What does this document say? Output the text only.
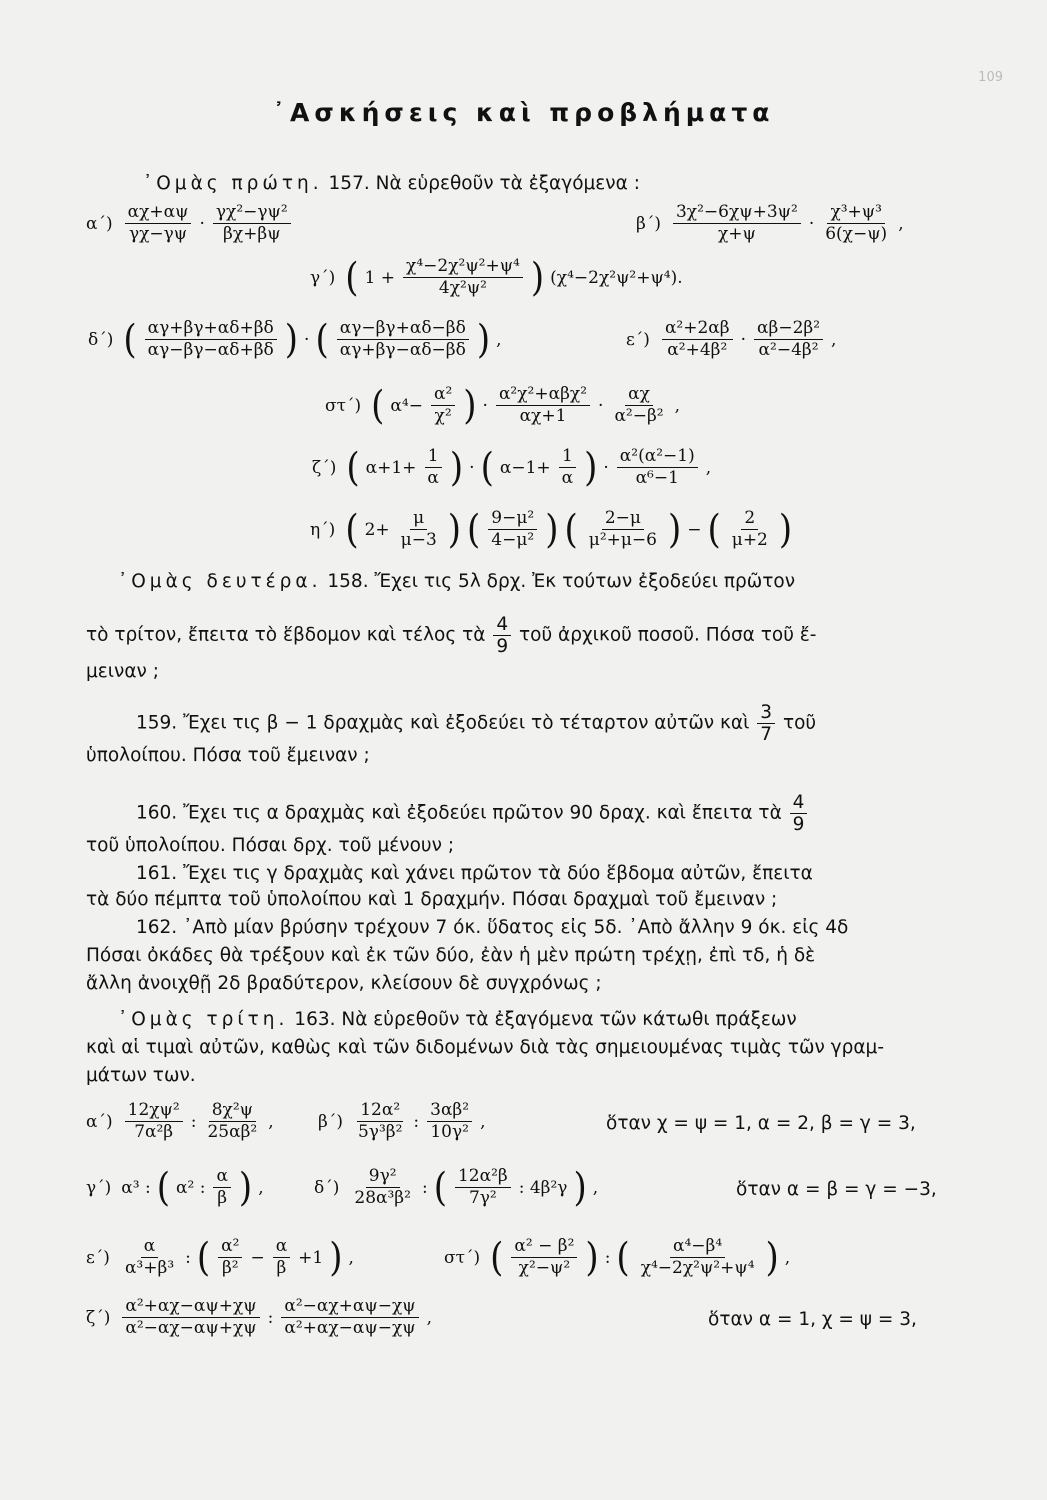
109
᾿Ασκήσεις καὶ προβλήματα
᾿Ομὰς πρώτη. 157. Νὰ εὑρεθοῦν τὰ ἐξαγόμενα :
$\alpha΄) \frac{\alpha\chi+\alpha\psi}{\gamma\chi-\gamma\psi} \cdot \frac{\text{γχ²−γψ²}}{\beta\chi+\beta\psi}$	$\beta΄) \frac{\text{3χ²−6χψ+3ψ²}}{\chi+\psi} \cdot \frac{\text{χ³+ψ³}}{6(\chi-\psi)}$ ,
γ΄) ( $1 + \frac{\text{χ⁴−2χ²ψ²+ψ⁴}}{\text{4χ²ψ²}}$ ) (χ⁴−2χ²ψ²+ψ⁴).
δ΄) ( $\frac{\alpha\gamma+\beta\gamma+\alpha\delta+\beta\delta}{\alpha\gamma-\beta\gamma-\alpha\delta+\beta\delta}$ ) · ( $\frac{\alpha\gamma-\beta\gamma+\alpha\delta-\beta\delta}{\alpha\gamma+\beta\gamma-\alpha\delta-\beta\delta}$ ) ,	$\varepsilon΄) \frac{\text{α²+2αβ}}{\text{α²+4β²}} \cdot \frac{\text{αβ−2β²}}{\text{α²−4β²}}$ ,
στ΄) ( $\alpha^4- \frac{\text{α²}}{\text{χ²}}$ ) · $\frac{\text{α²χ²+αβχ²}}{\alpha\chi+1} \cdot \frac{\alpha\chi}{\text{α²−β²}}$ ,
ζ΄) ( $\alpha+1+ \frac{1}{\alpha}$ ) · ( $\alpha-1+ \frac{1}{\alpha}$ ) · $\frac{\text{α²(α²−1)}}{\text{α⁶−1}}$ ,
η΄) ( $2+ \frac{\mu}{\mu-3}$ ) ( $\frac{\text{9−μ²}}{\text{4−μ²}}$ ) ( $\frac{2-\mu}{\text{μ²+μ−6}}$ ) − ( $\frac{2}{\mu+2}$ )
᾿Ομὰς δευτέρα. 158. Ἔχει τις 5λ δρχ. Ἐκ τούτων ἐξοδεύει πρῶτον
τὸ τρίτον, ἔπειτα τὸ ἕβδομον καὶ τέλος τὰ $\frac{4}{9}$ τοῦ ἀρχικοῦ ποσοῦ. Πόσα τοῦ ἔ-
μειναν ;
159. Ἔχει τις β − 1 δραχμὰς καὶ ἐξοδεύει τὸ τέταρτον αὐτῶν καὶ $\frac{3}{7}$ τοῦ
ὑπολοίπου. Πόσα τοῦ ἔμειναν ;
160. Ἔχει τις α δραχμὰς καὶ ἐξοδεύει πρῶτον 90 δραχ. καὶ ἔπειτα τὰ $\frac{4}{9}$
τοῦ ὑπολοίπου. Πόσαι δρχ. τοῦ μένουν ;
161. Ἔχει τις γ δραχμὰς καὶ χάνει πρῶτον τὰ δύο ἕβδομα αὐτῶν, ἔπειτα
τὰ δύο πέμπτα τοῦ ὑπολοίπου καὶ 1 δραχμήν. Πόσαι δραχμαὶ τοῦ ἔμειναν ;
162. ᾿Απὸ μίαν βρύσην τρέχουν 7 όκ. ὕδατος εἰς 5δ. ᾿Απὸ ἄλλην 9 όκ. εἰς 4δ
Πόσαι ὀκάδες θὰ τρέξουν καὶ ἐκ τῶν δύο, ἐὰν ἡ μὲν πρώτη τρέχῃ, ἐπὶ τδ, ἡ δὲ
ἄλλη ἀνοιχθῇ 2δ βραδύτερον, κλείσουν δὲ συγχρόνως ;
᾿Ομὰς τρίτη. 163. Νὰ εὑρεθοῦν τὰ ἐξαγόμενα τῶν κάτωθι πράξεων
καὶ αἱ τιμαὶ αὐτῶν, καθὼς καὶ τῶν διδομένων διὰ τὰς σημειουμένας τιμὰς τῶν γραμ-
μάτων των.
$\alpha΄) \frac{\text{12χψ²}}{\text{7α²β}}$ : $\frac{\text{8χ²ψ}}{\text{25αβ²}}$ ,	$\beta΄) \frac{\text{12α²}}{\text{5γ³β²}}$ : $\frac{\text{3αβ²}}{\text{10γ²}}$ ,	ὅταν χ = ψ = 1, α = 2, β = γ = 3,
γ΄) α³ : ( α² : $\frac{\alpha}{\beta}$ ) ,	$\delta΄) \frac{\text{9γ²}}{\text{28α³β²}}$ : ( $\frac{\text{12α²β}}{\text{7γ²}}$ : 4β²γ ) ,	ὅταν α = β = γ = −3,
$\varepsilon΄) \frac{\alpha}{\text{α³+β³}}$ : ( $\frac{\text{α²}}{\text{β²}} - \frac{\alpha}{\beta} +1$ ) ,	στ΄) ( $\frac{\text{α² − β²}}{\text{χ²−ψ²}}$ ) : ( $\frac{\text{α⁴−β⁴}}{\text{χ⁴−2χ²ψ²+ψ⁴}}$ ) ,
$\zeta΄) \frac{\text{α²+αχ−αψ+χψ}}{\text{α²−αχ−αψ+χψ}}$ : $\frac{\text{α²−αχ+αψ−χψ}}{\text{α²+αχ−αψ−χψ}}$ ,	ὅταν α = 1, χ = ψ = 3,
